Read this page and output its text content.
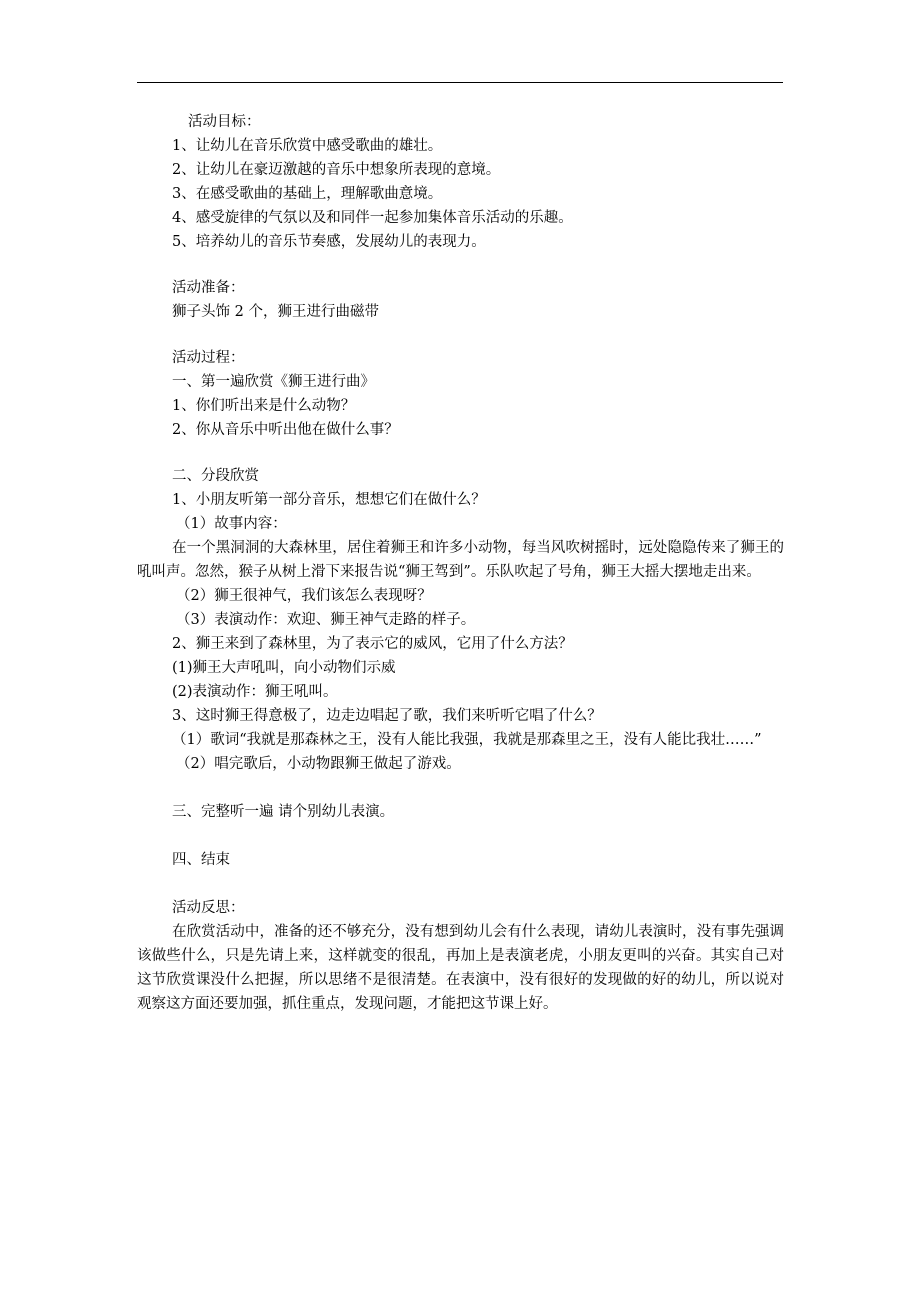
活动目标：
1、让幼儿在音乐欣赏中感受歌曲的雄壮。
2、让幼儿在豪迈激越的音乐中想象所表现的意境。
3、在感受歌曲的基础上，理解歌曲意境。
4、感受旋律的气氛以及和同伴一起参加集体音乐活动的乐趣。
5、培养幼儿的音乐节奏感，发展幼儿的表现力。
活动准备：
狮子头饰 2 个，狮王进行曲磁带
活动过程：
一、第一遍欣赏《狮王进行曲》
1、你们听出来是什么动物？
2、你从音乐中听出他在做什么事？
二、分段欣赏
1、小朋友听第一部分音乐，想想它们在做什么？
（1）故事内容：
在一个黑洞洞的大森林里，居住着狮王和许多小动物，每当风吹树摇时，远处隐隐传来了狮王的吼叫声。忽然，猴子从树上滑下来报告说“狮王驾到”。乐队吹起了号角，狮王大摇大摆地走出来。
（2）狮王很神气，我们该怎么表现呀？
（3）表演动作：欢迎、狮王神气走路的样子。
2、狮王来到了森林里，为了表示它的威风，它用了什么方法？
(1)狮王大声吼叫，向小动物们示威
(2)表演动作：狮王吼叫。
3、这时狮王得意极了，边走边唱起了歌，我们来听听它唱了什么？
（1）歌词“我就是那森林之王，没有人能比我强，我就是那森里之王，没有人能比我壮……”
（2）唱完歌后，小动物跟狮王做起了游戏。
三、完整听一遍 请个别幼儿表演。
四、结束
活动反思：
在欣赏活动中，准备的还不够充分，没有想到幼儿会有什么表现，请幼儿表演时，没有事先强调该做些什么，只是先请上来，这样就变的很乱，再加上是表演老虎，小朋友更叫的兴奋。其实自己对这节欣赏课没什么把握，所以思绪不是很清楚。在表演中，没有很好的发现做的好的幼儿，所以说对观察这方面还要加强，抓住重点，发现问题，才能把这节课上好。
